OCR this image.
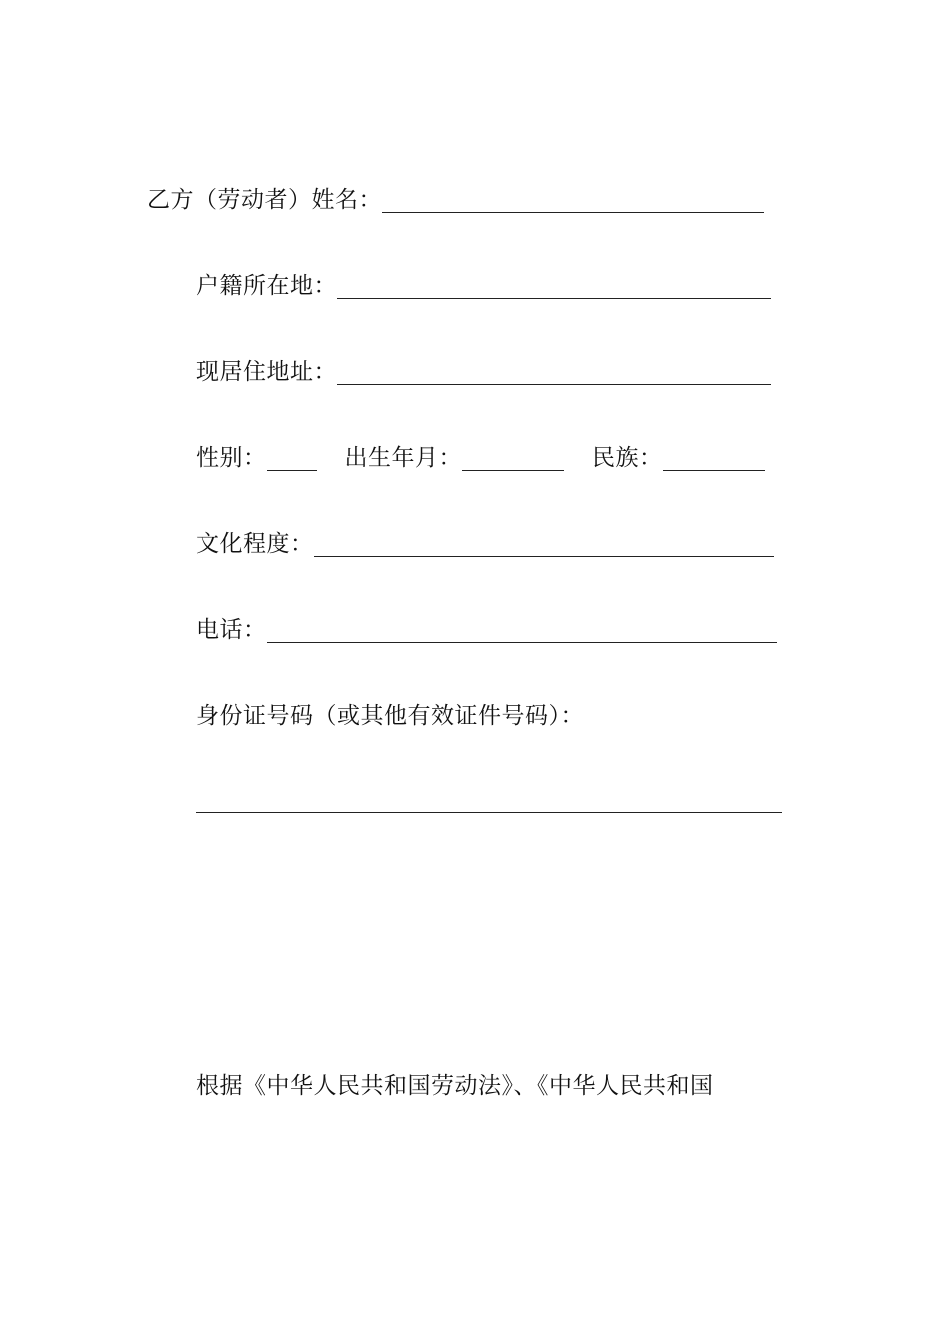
乙方（劳动者）姓名：
户籍所在地：
现居住地址：
性别：	出生年月：	民族：
文化程度：
电话：
身份证号码（或其他有效证件号码）：
根据《中华人民共和国劳动法》、《中华人民共和国
